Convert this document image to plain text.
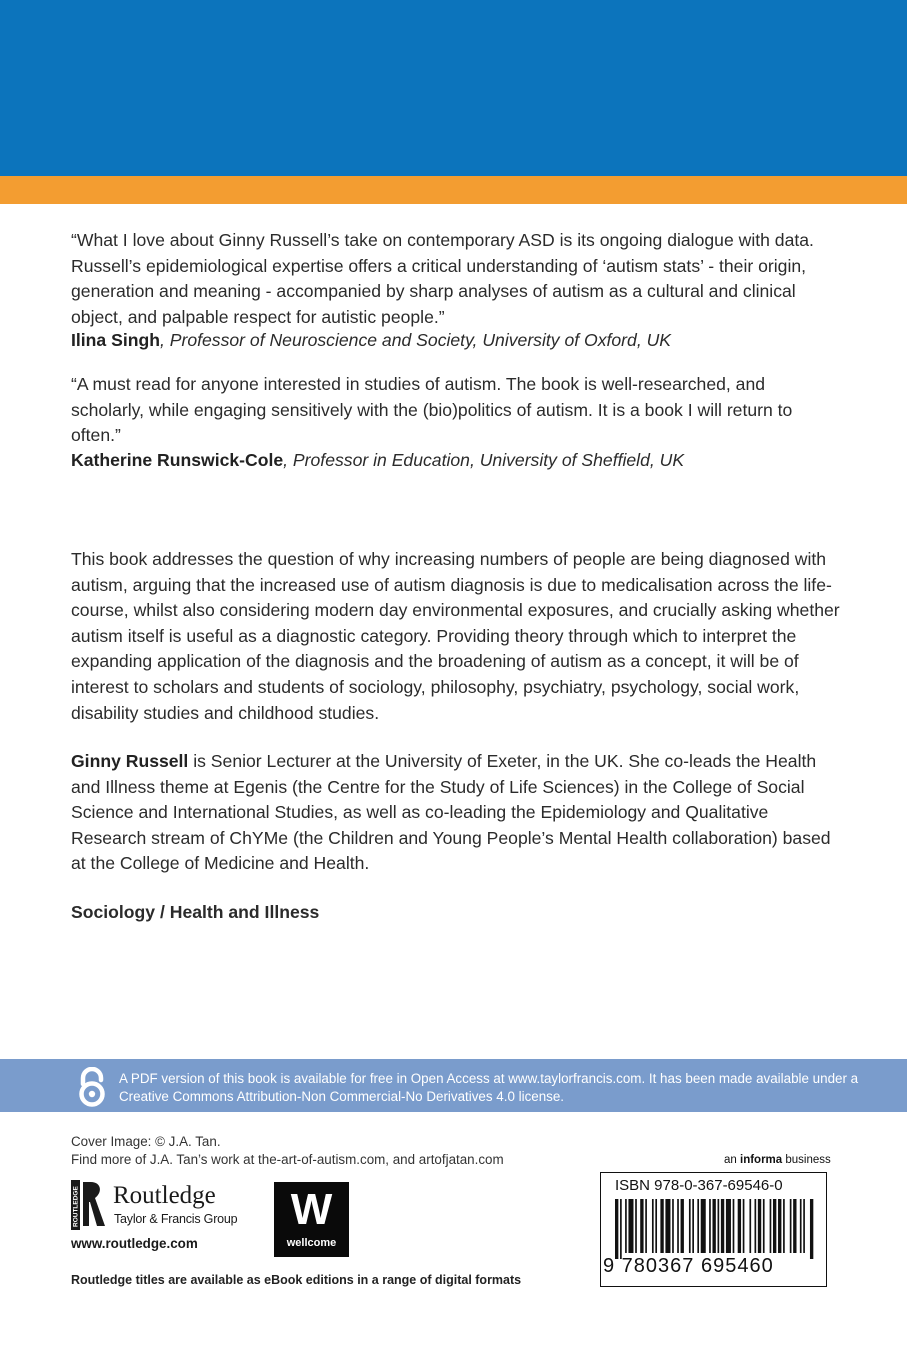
“What I love about Ginny Russell’s take on contemporary ASD is its ongoing dialogue with data. Russell’s epidemiological expertise offers a critical understanding of ‘autism stats’ - their origin, generation and meaning - accompanied by sharp analyses of autism as a cultural and clinical object, and palpable respect for autistic people.”

Ilina Singh, Professor of Neuroscience and Society, University of Oxford, UK

“A must read for anyone interested in studies of autism. The book is well-researched, and scholarly, while engaging sensitively with the (bio)politics of autism. It is a book I will return to often.”

Katherine Runswick-Cole, Professor in Education, University of Sheffield, UK

This book addresses the question of why increasing numbers of people are being diagnosed with autism, arguing that the increased use of autism diagnosis is due to medicalisation across the life-course, whilst also considering modern day environmental exposures, and crucially asking whether autism itself is useful as a diagnostic category. Providing theory through which to interpret the expanding application of the diagnosis and the broadening of autism as a concept, it will be of interest to scholars and students of sociology, philosophy, psychiatry, psychology, social work, disability studies and childhood studies.

Ginny Russell is Senior Lecturer at the University of Exeter, in the UK. She co-leads the Health and Illness theme at Egenis (the Centre for the Study of Life Sciences) in the College of Social Science and International Studies, as well as co-leading the Epidemiology and Qualitative Research stream of ChYMe (the Children and Young People’s Mental Health collaboration) based at the College of Medicine and Health.

Sociology / Health and Illness

A PDF version of this book is available for free in Open Access at www.taylorfrancis.com. It has been made available under a Creative Commons Attribution-Non Commercial-No Derivatives 4.0 license.
Cover Image: © J.A. Tan.
Find more of J.A. Tan’s work at the-art-of-autism.com, and artofjatan.com
ROUTLEDGE Routledge
Taylor & Francis Group
www.routledge.com
W
wellcome
Routledge titles are available as eBook editions in a range of digital formats
an informa business
ISBN 978-0-367-69546-0
9 780367 695460
